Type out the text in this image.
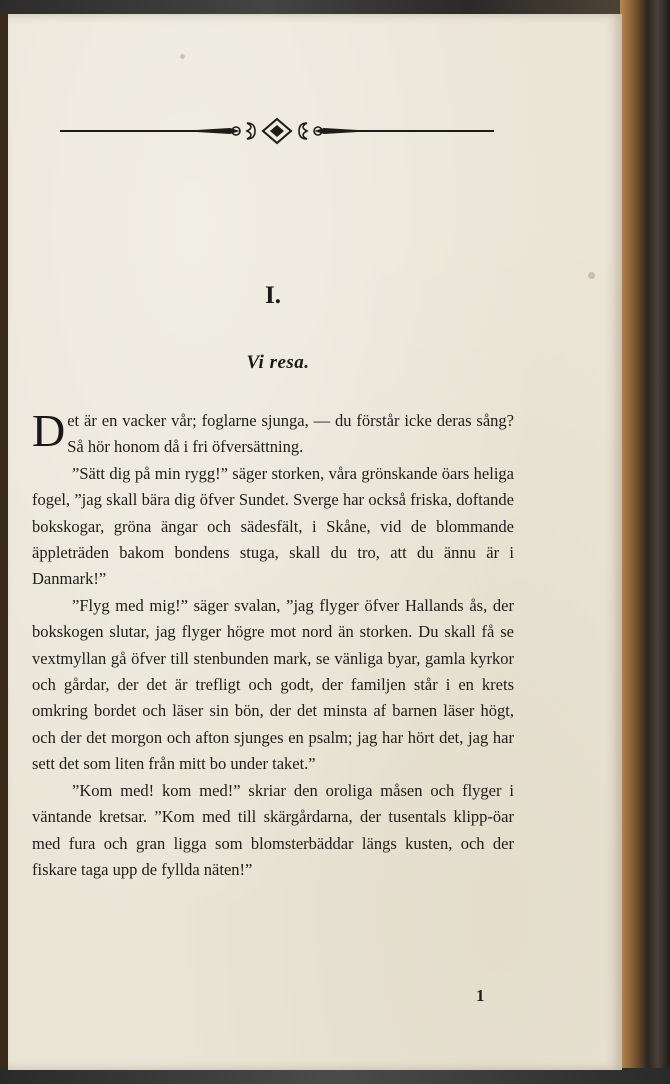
I.
Vi resa.

Det är en vacker vår; foglarne sjunga, — du förstår icke deras sång? Så hör honom då i fri öfversättning.

”Sätt dig på min rygg!” säger storken, våra grönskande öars heliga fogel, ”jag skall bära dig öfver Sundet. Sverge har också friska, doftande bokskogar, gröna ängar och sädesfält, i Skåne, vid de blommande äppleträden bakom bondens stuga, skall du tro, att du ännu är i Danmark!”

”Flyg med mig!” säger svalan, ”jag flyger öfver Hallands ås, der bokskogen slutar, jag flyger högre mot nord än storken. Du skall få se vextmyllan gå öfver till stenbunden mark, se vänliga byar, gamla kyrkor och gårdar, der det är trefligt och godt, der familjen står i en krets omkring bordet och läser sin bön, der det minsta af barnen läser högt, och der det morgon och afton sjunges en psalm; jag har hört det, jag har sett det som liten från mitt bo under taket.”

”Kom med! kom med!” skriar den oroliga måsen och flyger i väntande kretsar. ”Kom med till skärgårdarna, der tusentals klipp-öar med fura och gran ligga som blomsterbäddar längs kusten, och der fiskare taga upp de fyllda näten!”

1
